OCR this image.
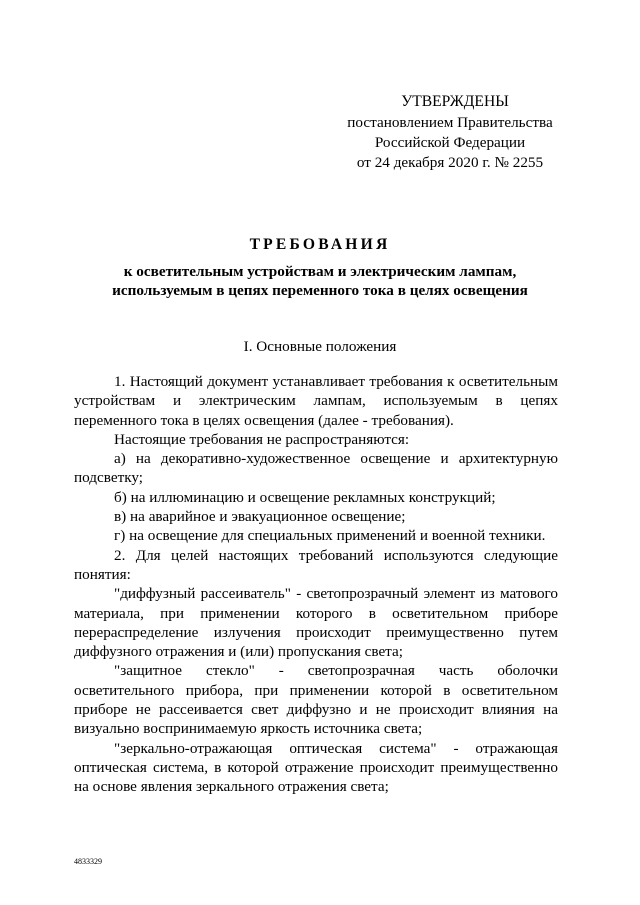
УТВЕРЖДЕНЫ
постановлением Правительства
Российской Федерации
от 24 декабря 2020 г. № 2255
ТРЕБОВАНИЯ
к осветительным устройствам и электрическим лампам,
используемым в цепях переменного тока в целях освещения
I. Основные положения

1. Настоящий документ устанавливает требования к осветительным устройствам и электрическим лампам, используемым в цепях переменного тока в целях освещения (далее - требования).

Настоящие требования не распространяются:

а) на декоративно-художественное освещение и архитектурную подсветку;

б) на иллюминацию и освещение рекламных конструкций;

в) на аварийное и эвакуационное освещение;

г) на освещение для специальных применений и военной техники.

2. Для целей настоящих требований используются следующие понятия:

"диффузный рассеиватель" - светопрозрачный элемент из матового материала, при применении которого в осветительном приборе перераспределение излучения происходит преимущественно путем диффузного отражения и (или) пропускания света;

"защитное стекло" - светопрозрачная часть оболочки осветительного прибора, при применении которой в осветительном приборе не рассеивается свет диффузно и не происходит влияния на визуально воспринимаемую яркость источника света;

"зеркально-отражающая оптическая система" - отражающая оптическая система, в которой отражение происходит преимущественно на основе явления зеркального отражения света;

4833329
